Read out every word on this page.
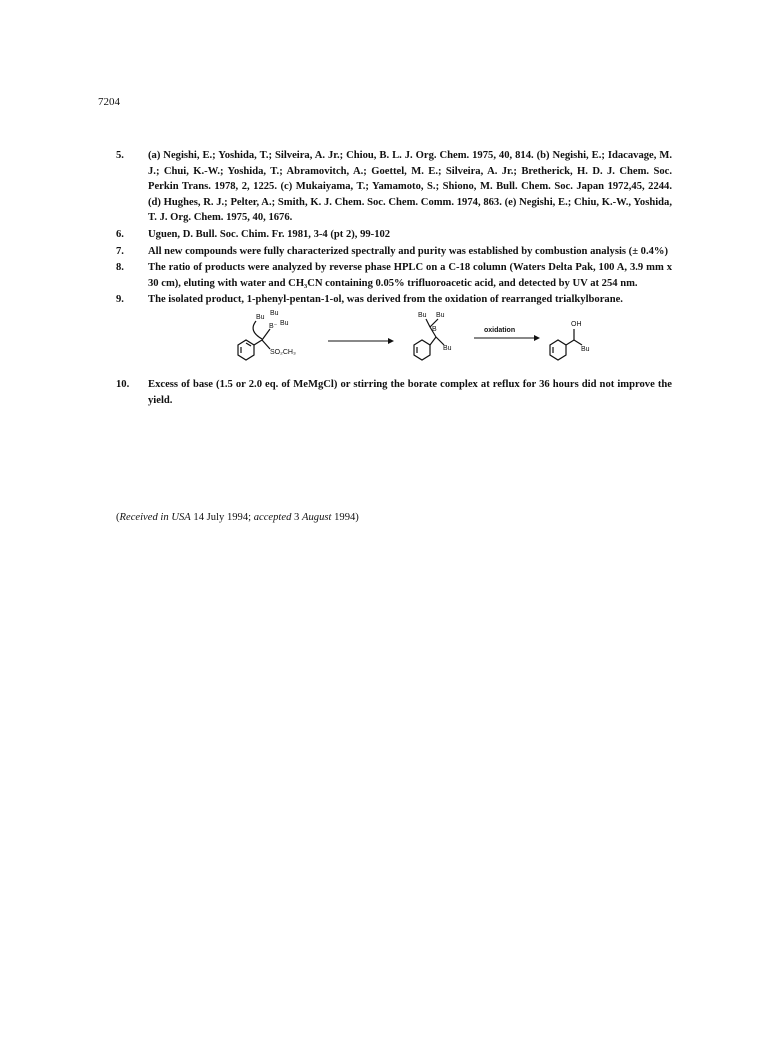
7204
5. (a) Negishi, E.; Yoshida, T.; Silveira, A. Jr.; Chiou, B. L. J. Org. Chem. 1975, 40, 814. (b) Negishi, E.; Idacavage, M. J.; Chui, K.-W.; Yoshida, T.; Abramovitch, A.; Goettel, M. E.; Silveira, A. Jr.; Bretherick, H. D. J. Chem. Soc. Perkin Trans. 1978, 2, 1225. (c) Mukaiyama, T.; Yamamoto, S.; Shiono, M. Bull. Chem. Soc. Japan 1972,45, 2244. (d) Hughes, R. J.; Pelter, A.; Smith, K. J. Chem. Soc. Chem. Comm. 1974, 863. (e) Negishi, E.; Chiu, K.-W., Yoshida, T. J. Org. Chem. 1975, 40, 1676.
6. Uguen, D. Bull. Soc. Chim. Fr. 1981, 3-4 (pt 2), 99-102
7. All new compounds were fully characterized spectrally and purity was established by combustion analysis (± 0.4%)
8. The ratio of products were analyzed by reverse phase HPLC on a C-18 column (Waters Delta Pak, 100 A, 3.9 mm x 30 cm), eluting with water and CH₃CN containing 0.05% trifluoroacetic acid, and detected by UV at 254 nm.
9. The isolated product, 1-phenyl-pentan-1-ol, was derived from the oxidation of rearranged trialkylborane.
Bu
Bu
B⁻ Bu
SO₂CH₃
Bu Bu
B
Bu
oxidation
OH
Bu
10. Excess of base (1.5 or 2.0 eq. of MeMgCl) or stirring the borate complex at reflux for 36 hours did not improve the yield.
(Received in USA 14 July 1994; accepted 3 August 1994)
